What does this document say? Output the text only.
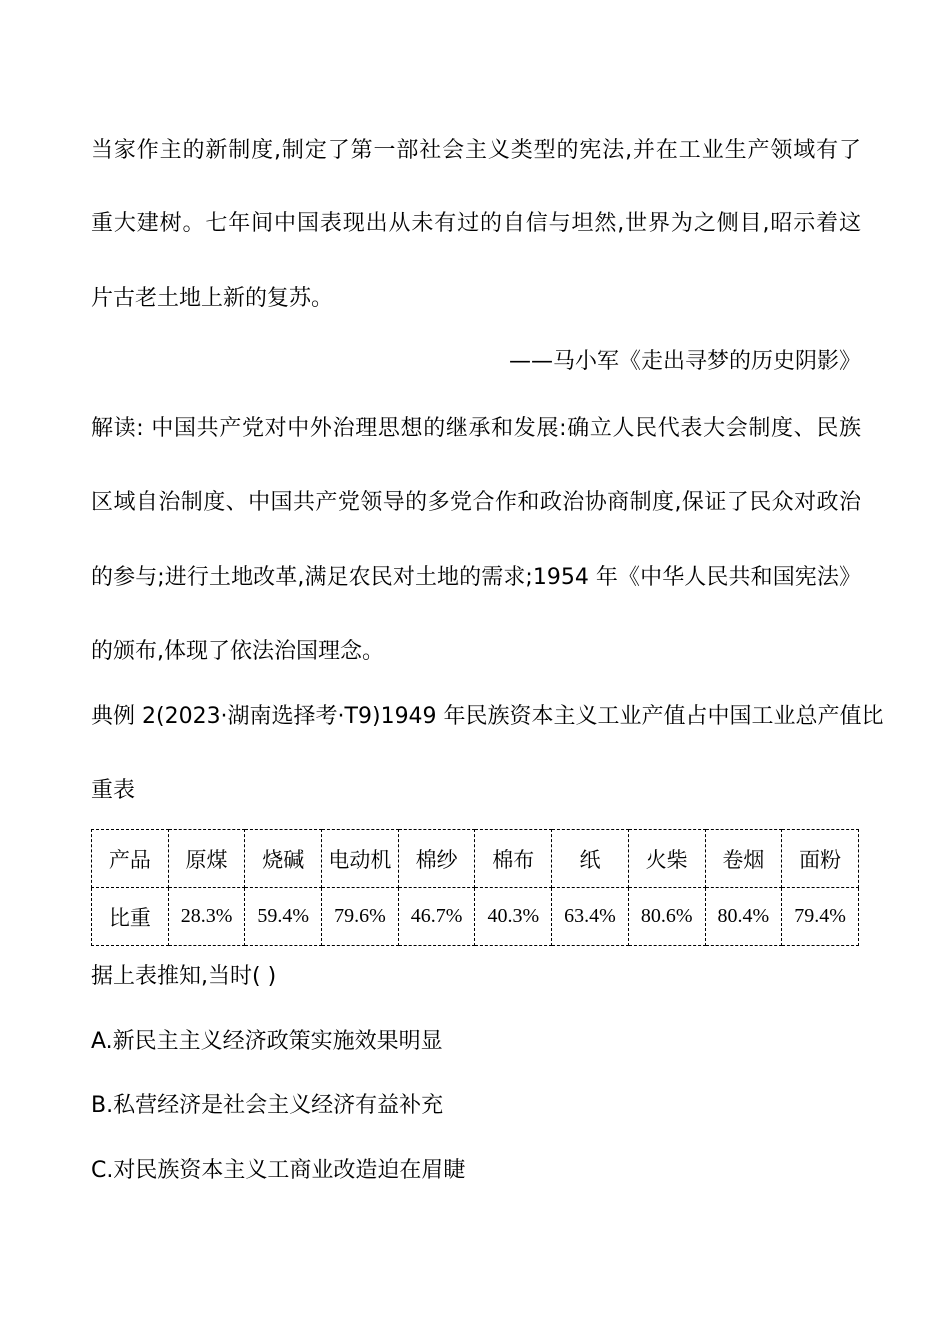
当家作主的新制度,制定了第一部社会主义类型的宪法,并在工业生产领域有了
重大建树。七年间中国表现出从未有过的自信与坦然,世界为之侧目,昭示着这
片古老土地上新的复苏。
——马小军《走出寻梦的历史阴影》
解读: 中国共产党对中外治理思想的继承和发展:确立人民代表大会制度、民族
区域自治制度、中国共产党领导的多党合作和政治协商制度,保证了民众对政治
的参与;进行土地改革,满足农民对土地的需求;1954 年《中华人民共和国宪法》
的颁布,体现了依法治国理念。
典例 2(2023·湖南选择考·T9)1949 年民族资本主义工业产值占中国工业总产值比
重表
产品	原煤	烧碱	电动机	棉纱	棉布	纸	火柴	卷烟	面粉
比重	28.3%	59.4%	79.6%	46.7%	40.3%	63.4%	80.6%	80.4%	79.4%
据上表推知,当时( )
A.新民主主义经济政策实施效果明显
B.私营经济是社会主义经济有益补充
C.对民族资本主义工商业改造迫在眉睫
